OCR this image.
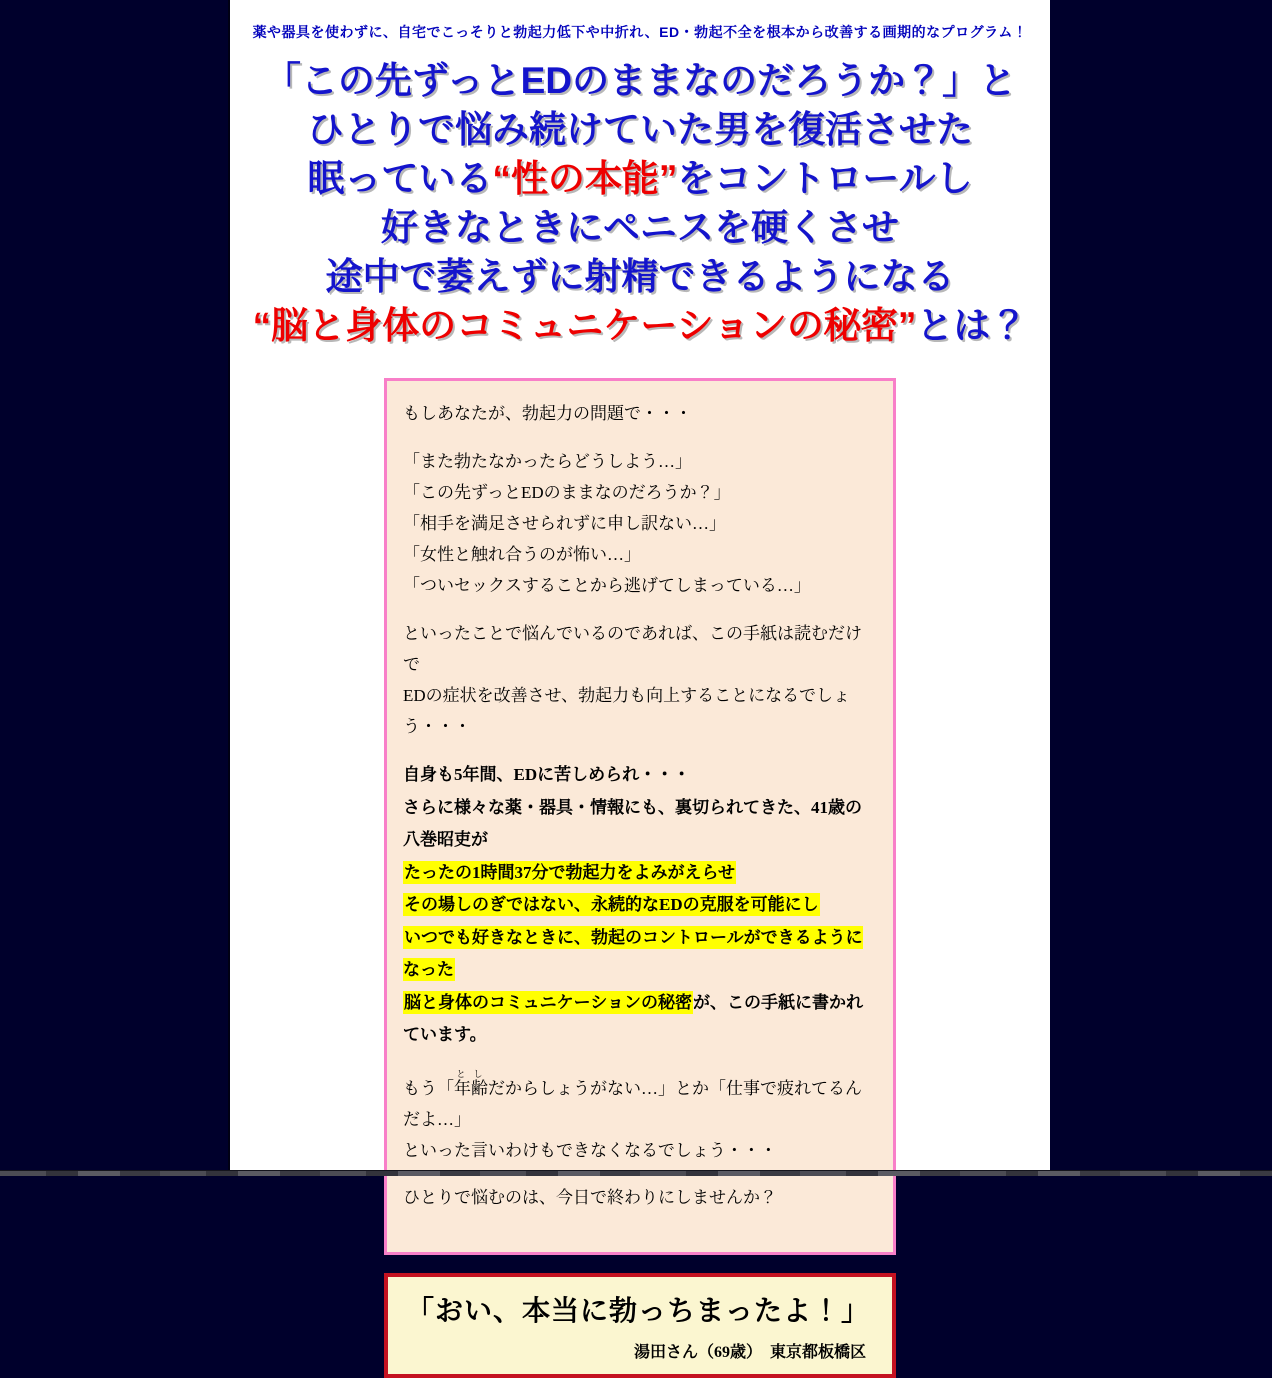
薬や器具を使わずに、自宅でこっそりと勃起力低下や中折れ、ED・勃起不全を根本から改善する画期的なプログラム！
「この先ずっとEDのままなのだろうか？」と
ひとりで悩み続けていた男を復活させた
眠っている“性の本能”をコントロールし
好きなときにペニスを硬くさせ
途中で萎えずに射精できるようになる
“脳と身体のコミュニケーションの秘密”とは？

もしあなたが、勃起力の問題で・・・

「また勃たなかったらどうしよう…」
「この先ずっとEDのままなのだろうか？」
「相手を満足させられずに申し訳ない…」
「女性と触れ合うのが怖い…」
「ついセックスすることから逃げてしまっている…」
といったことで悩んでいるのであれば、この手紙は読むだけで
EDの症状を改善させ、勃起力も向上することになるでしょう・・・
自身も5年間、EDに苦しめられ・・・
さらに様々な薬・器具・情報にも、裏切られてきた、41歳の八巻昭吏が
たったの1時間37分で勃起力をよみがえらせ
その場しのぎではない、永続的なEDの克服を可能にし
いつでも好きなときに、勃起のコントロールができるようになった
脳と身体のコミュニケーションの秘密が、この手紙に書かれています。
もう「年齢としだからしょうがない…」とか「仕事で疲れてるんだよ…」
といった言いわけもできなくなるでしょう・・・

ひとりで悩むのは、今日で終わりにしませんか？

「おい、本当に勃っちまったよ！」
湯田さん（69歳）　東京都板橋区
